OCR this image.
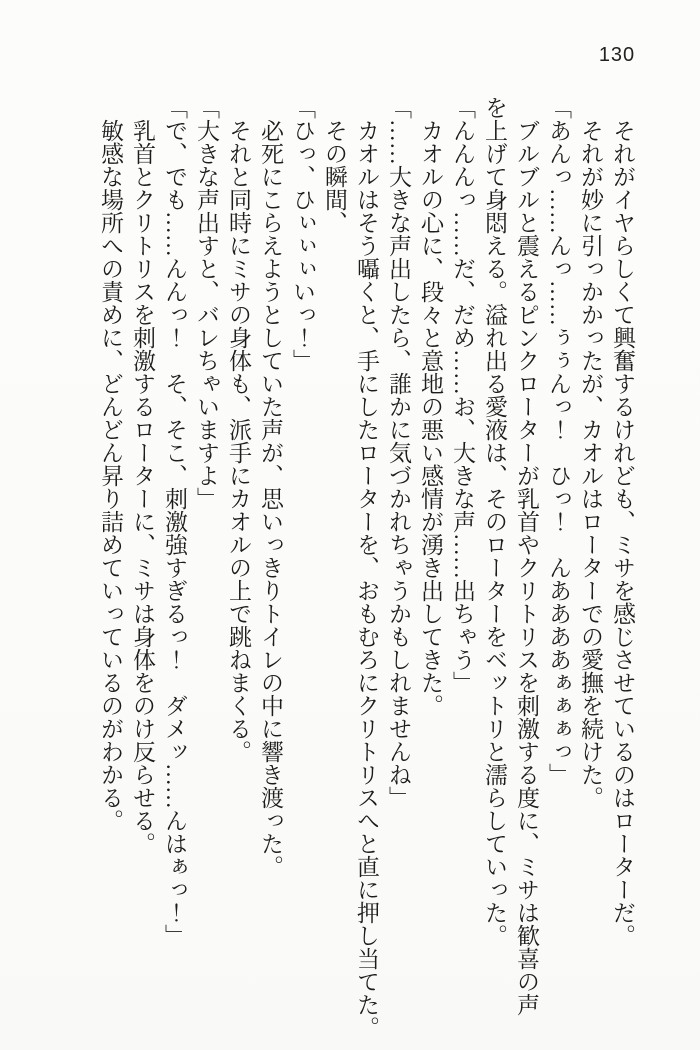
130

　それがイヤらしくて興奮するけれども、ミサを感じさせているのはローターだ。

　それが妙に引っかかったが、カオルはローターでの愛撫を続けた。

「あんっ……んっ……ぅぅんっ！　ひっ！　んああああぁぁぁっ」

　ブルブルと震えるピンクローターが乳首やクリトリスを刺激する度に、ミサは歓喜の声

を上げて身悶える。溢れ出る愛液は、そのローターをベットリと濡らしていった。

「んんんっ……だ、だめ……お、大きな声……出ちゃう」

　カオルの心に、段々と意地の悪い感情が湧き出してきた。

「……大きな声出したら、誰かに気づかれちゃうかもしれませんね」

　カオルはそう囁くと、手にしたローターを、おもむろにクリトリスへと直に押し当てた。

　その瞬間、

「ひっ、ひぃぃぃいっ！」

　必死にこらえようとしていた声が、思いっきりトイレの中に響き渡った。

　それと同時にミサの身体も、派手にカオルの上で跳ねまくる。

「大きな声出すと、バレちゃいますよ」

「で、でも……んんっ！　そ、そこ、刺激強すぎるっ！　ダメッ……んはぁっ！」

　乳首とクリトリスを刺激するローターに、ミサは身体をのけ反らせる。

　敏感な場所への責めに、どんどん昇り詰めていっているのがわかる。
